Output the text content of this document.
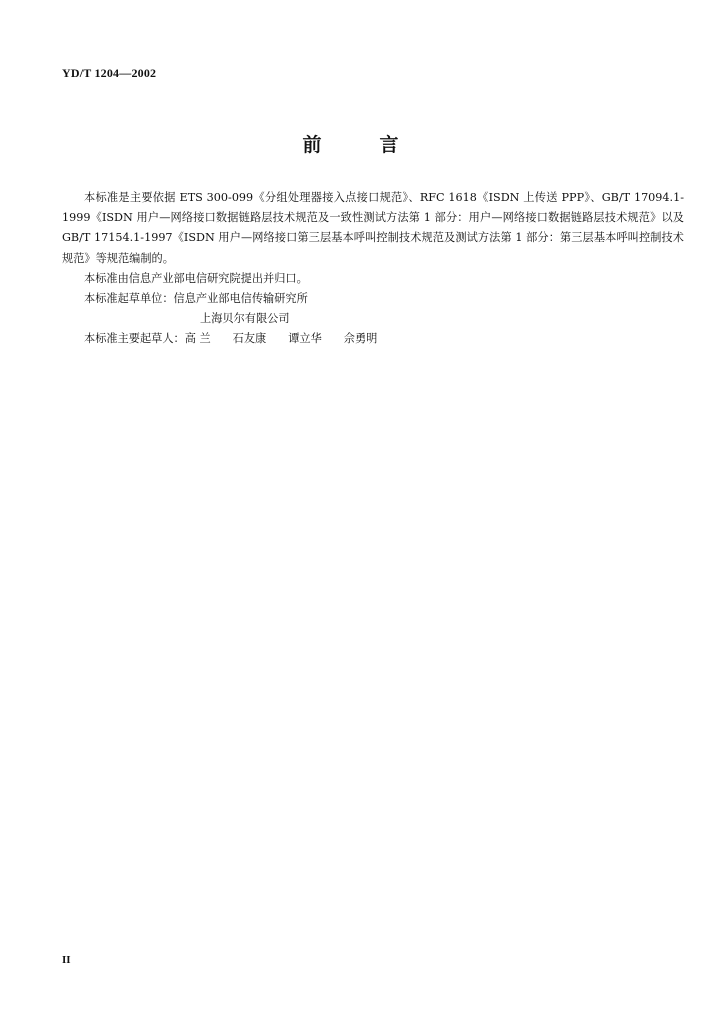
YD/T 1204—2002
前言

本标准是主要依据 ETS 300-099《分组处理器接入点接口规范》、RFC 1618《ISDN 上传送 PPP》、GB/T 17094.1-1999《ISDN 用户—网络接口数据链路层技术规范及一致性测试方法第 1 部分：用户—网络接口数据链路层技术规范》以及 GB/T 17154.1-1997《ISDN 用户—网络接口第三层基本呼叫控制技术规范及测试方法第 1 部分：第三层基本呼叫控制技术规范》等规范编制的。

本标准由信息产业部电信研究院提出并归口。

本标准起草单位： 信息产业部电信传输研究所
上海贝尔有限公司
本标准主要起草人： 高 兰 石友康 谭立华 佘勇明
II
